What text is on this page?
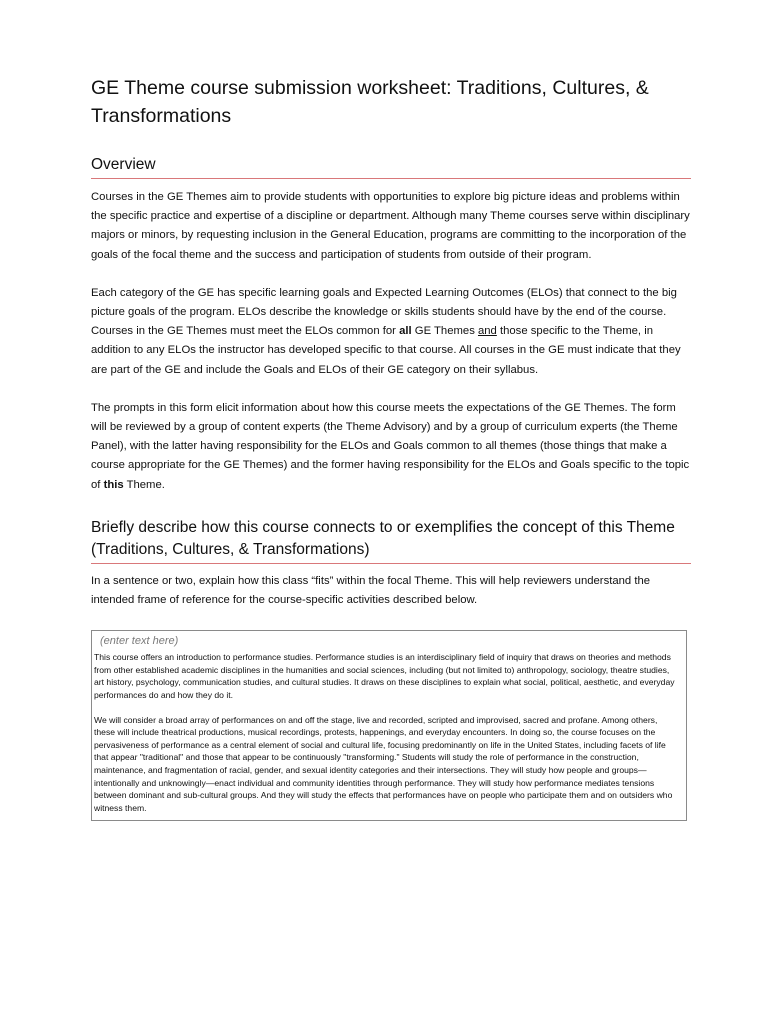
GE Theme course submission worksheet: Traditions, Cultures, & Transformations
Overview

Courses in the GE Themes aim to provide students with opportunities to explore big picture ideas and problems within the specific practice and expertise of a discipline or department. Although many Theme courses serve within disciplinary majors or minors, by requesting inclusion in the General Education, programs are committing to the incorporation of the goals of the focal theme and the success and participation of students from outside of their program.

Each category of the GE has specific learning goals and Expected Learning Outcomes (ELOs) that connect to the big picture goals of the program. ELOs describe the knowledge or skills students should have by the end of the course. Courses in the GE Themes must meet the ELOs common for all GE Themes and those specific to the Theme, in addition to any ELOs the instructor has developed specific to that course. All courses in the GE must indicate that they are part of the GE and include the Goals and ELOs of their GE category on their syllabus.

The prompts in this form elicit information about how this course meets the expectations of the GE Themes. The form will be reviewed by a group of content experts (the Theme Advisory) and by a group of curriculum experts (the Theme Panel), with the latter having responsibility for the ELOs and Goals common to all themes (those things that make a course appropriate for the GE Themes) and the former having responsibility for the ELOs and Goals specific to the topic of this Theme.

Briefly describe how this course connects to or exemplifies the concept of this Theme (Traditions, Cultures, & Transformations)

In a sentence or two, explain how this class “fits” within the focal Theme. This will help reviewers understand the intended frame of reference for the course-specific activities described below.

(enter text here)

This course offers an introduction to performance studies. Performance studies is an interdisciplinary field of inquiry that draws on theories and methods from other established academic disciplines in the humanities and social sciences, including (but not limited to) anthropology, sociology, theatre studies, art history, psychology, communication studies, and cultural studies. It draws on these disciplines to explain what social, political, aesthetic, and everyday performances do and how they do it.

We will consider a broad array of performances on and off the stage, live and recorded, scripted and improvised, sacred and profane. Among others, these will include theatrical productions, musical recordings, protests, happenings, and everyday encounters. In doing so, the course focuses on the pervasiveness of performance as a central element of social and cultural life, focusing predominantly on life in the United States, including facets of life that appear "traditional" and those that appear to be continuously "transforming." Students will study the role of performance in the construction, maintenance, and fragmentation of racial, gender, and sexual identity categories and their intersections. They will study how people and groups—intentionally and unknowingly—enact individual and community identities through performance. They will study how performance mediates tensions between dominant and sub-cultural groups. And they will study the effects that performances have on people who participate them and on outsiders who witness them.
